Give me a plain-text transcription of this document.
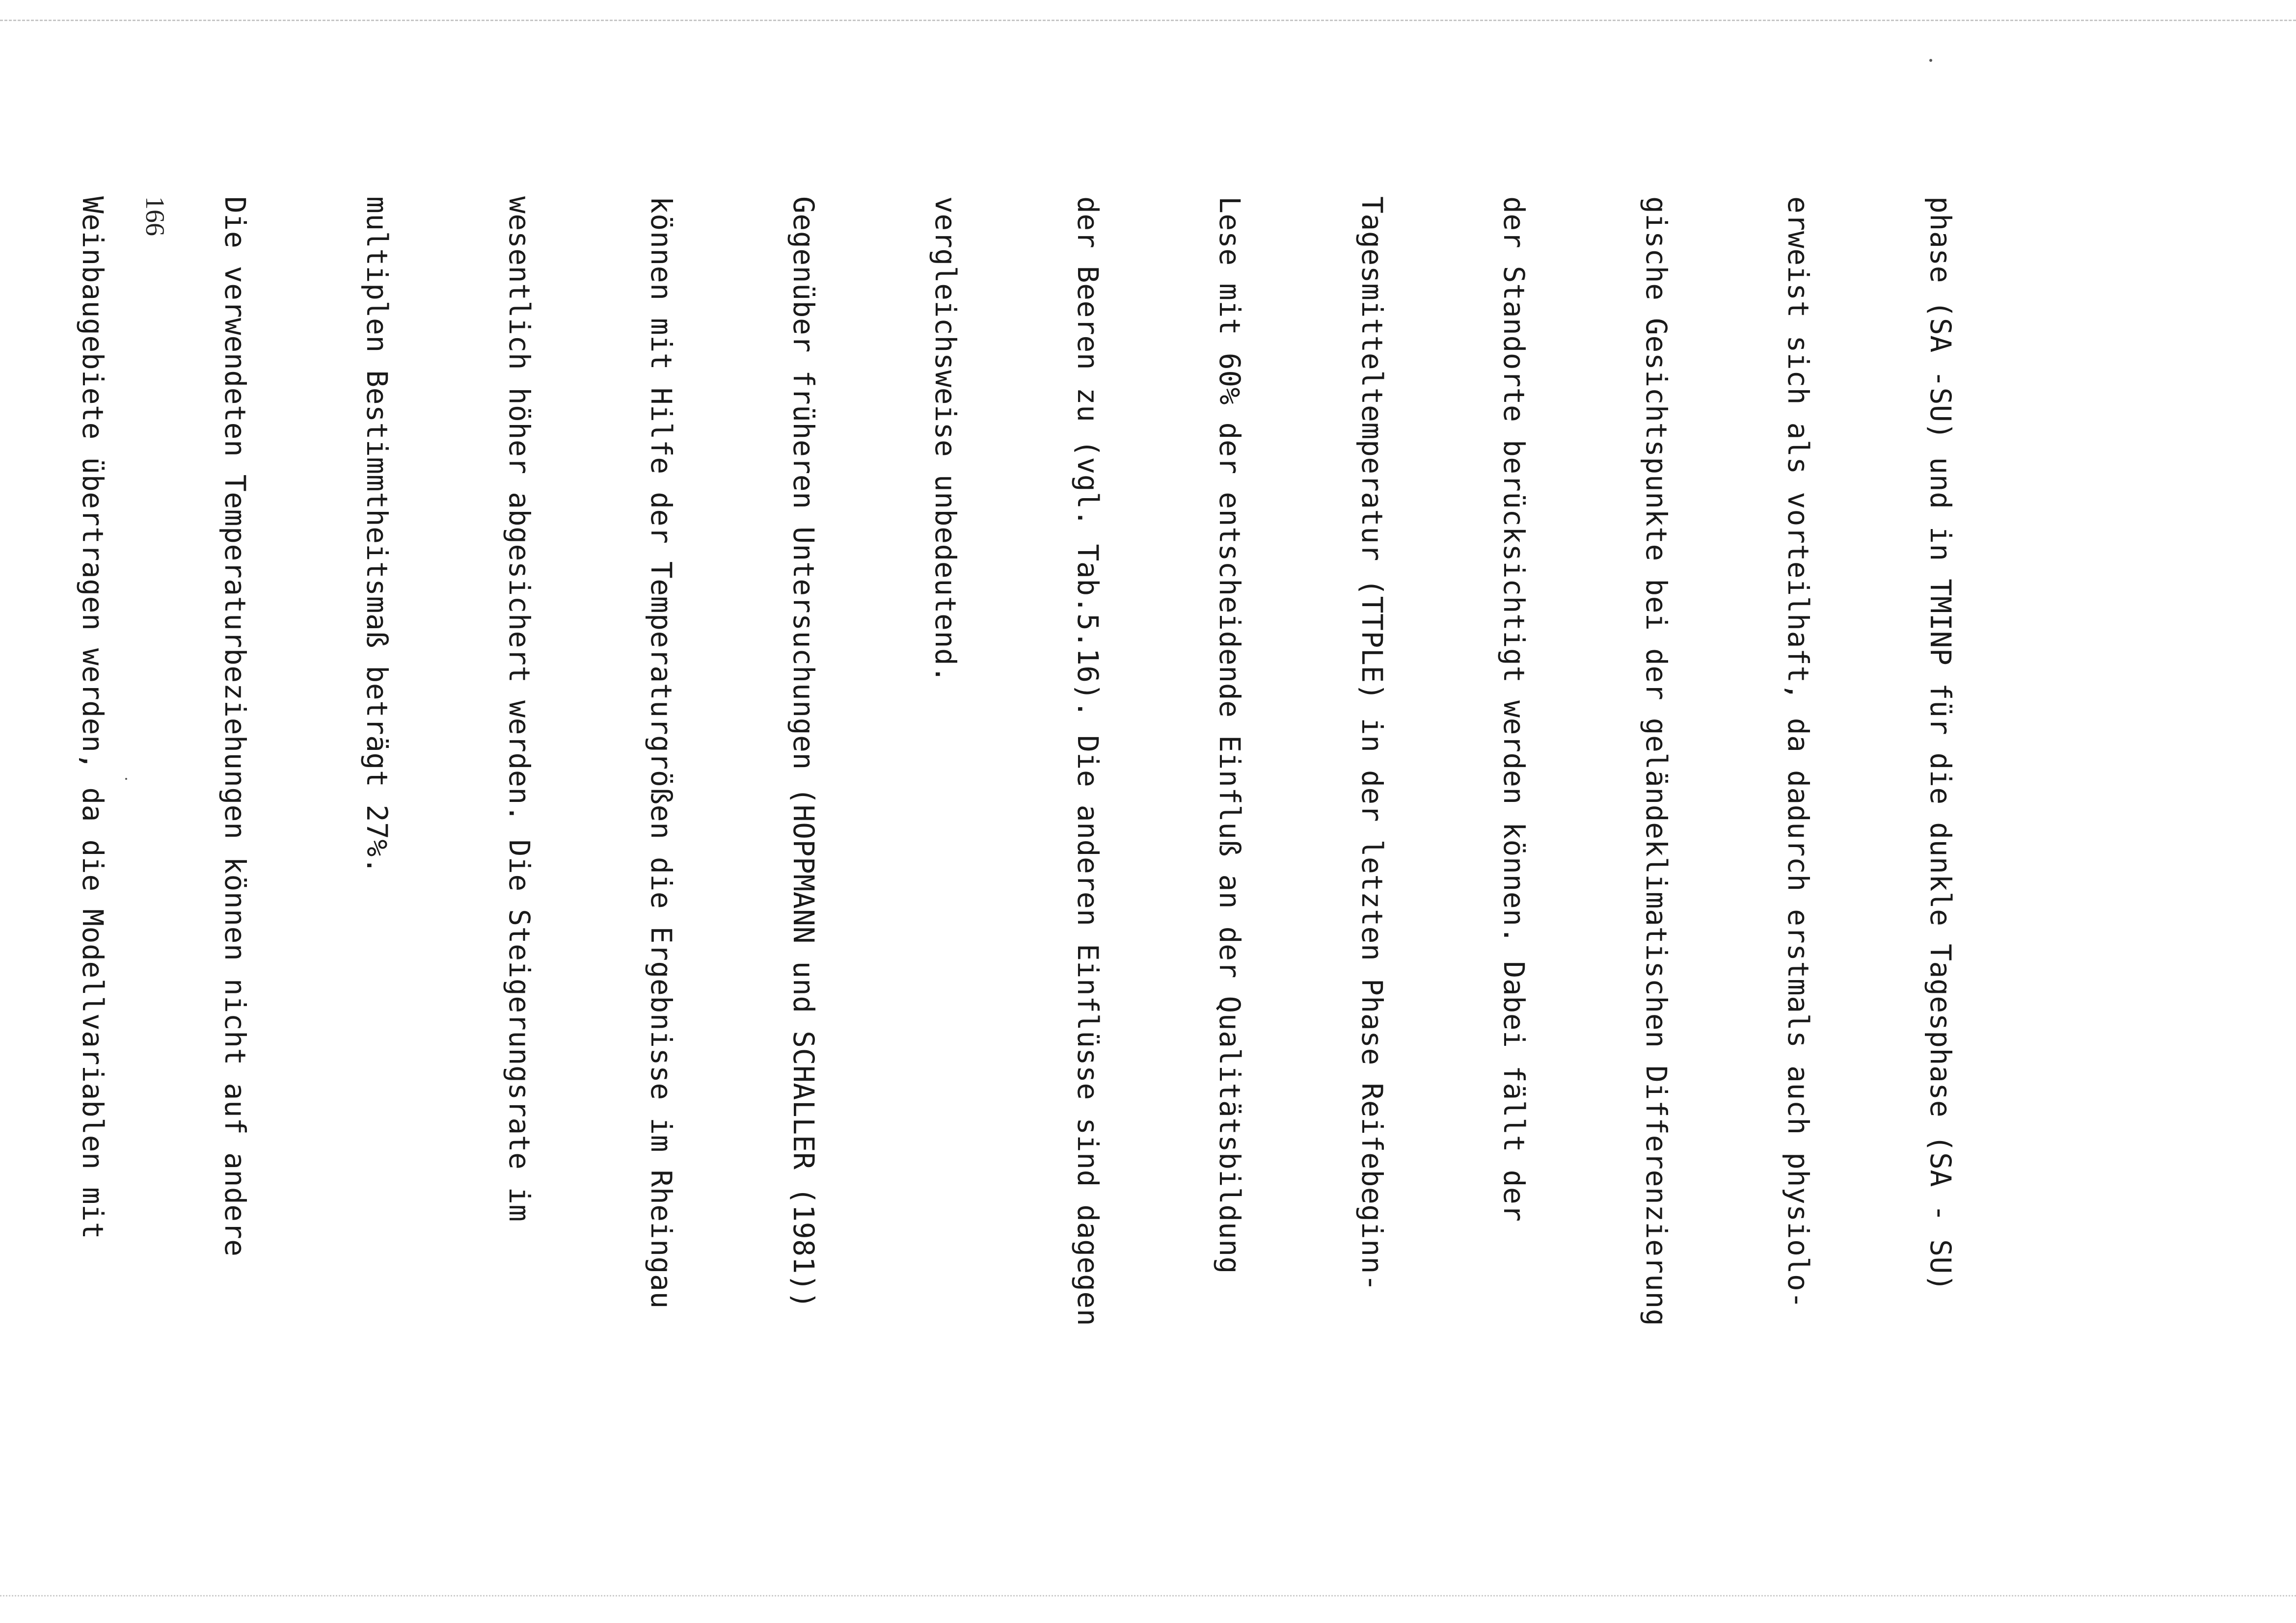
phase (SA -SU) und in TMINP für die dunkle Tagesphase (SA - SU)

erweist sich als vorteilhaft, da dadurch erstmals auch physiolo-

gische Gesichtspunkte bei der geländeklimatischen Differenzierung

der Standorte berücksichtigt werden können. Dabei fällt der

Tagesmitteltemperatur (TTPLE) in der letzten Phase Reifebeginn-

Lese mit 60% der entscheidende Einfluß an der Qualitätsbildung

der Beeren zu (vgl. Tab.5.16). Die anderen Einflüsse sind dagegen

vergleichsweise unbedeutend.

Gegenüber früheren Untersuchungen (HOPPMANN und SCHALLER (1981))

können mit Hilfe der Temperaturgrößen die Ergebnisse im Rheingau

wesentlich höher abgesichert werden. Die Steigerungsrate im

multiplen Bestimmtheitsmaß beträgt 27%.

Die verwendeten Temperaturbeziehungen können nicht auf andere

Weinbaugebiete übertragen werden, da die Modellvariablen mit

166
